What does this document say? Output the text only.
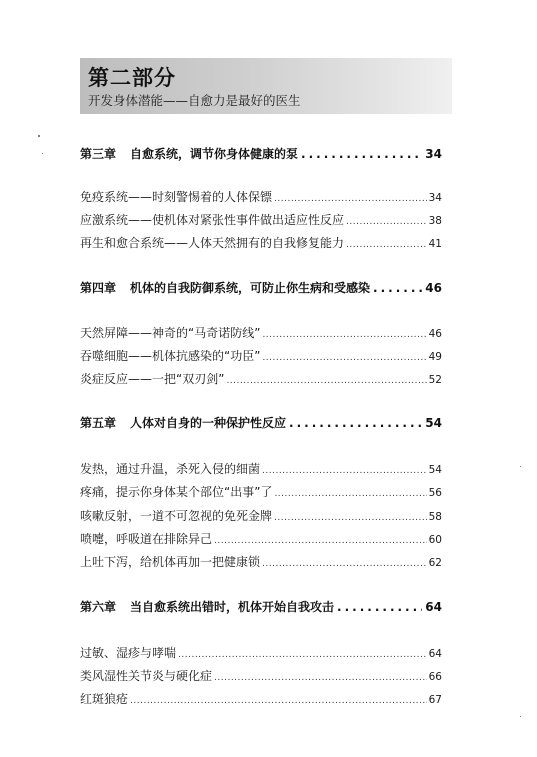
第二部分
开发身体潜能——自愈力是最好的医生
第三章 自愈系统，调节你身体健康的泵 .....	34
免疫系统——时刻警惕着的人体保镖 .....	34
应激系统——使机体对紧张性事件做出适应性反应 .....	38
再生和愈合系统——人体天然拥有的自我修复能力 .....	41
第四章 机体的自我防御系统，可防止你生病和受感染 .....	46
天然屏障——神奇的“马奇诺防线” .....	46
吞噬细胞——机体抗感染的“功臣” .....	49
炎症反应——一把“双刃剑” .....	52
第五章 人体对自身的一种保护性反应 .....	54
发热，通过升温，杀死入侵的细菌 .....	54
疼痛，提示你身体某个部位“出事”了 .....	56
咳嗽反射，一道不可忽视的免死金牌 .....	58
喷嚏，呼吸道在排除异己 .....	60
上吐下泻，给机体再加一把健康锁 .....	62
第六章 当自愈系统出错时，机体开始自我攻击 .....	64
过敏、湿疹与哮喘 .....	64
类风湿性关节炎与硬化症 .....	66
红斑狼疮 .....	67
